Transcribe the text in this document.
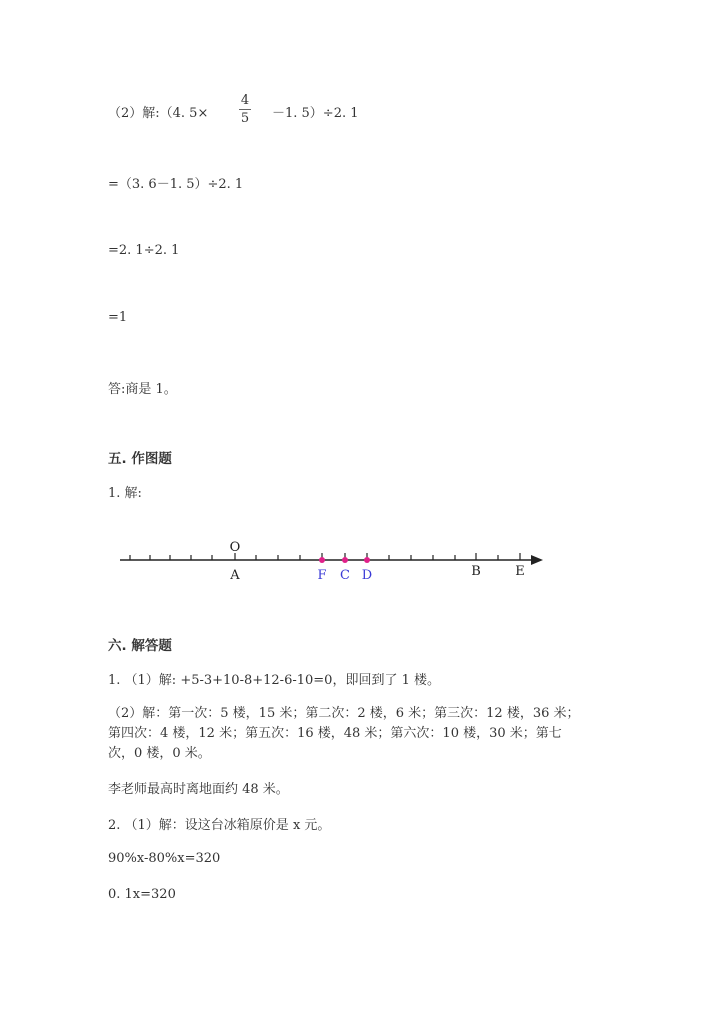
（2）解:（4. 5×
4
5 －1. 5）÷2. 1
=（3. 6－1. 5）÷2. 1
=2. 1÷2. 1
=1
答:商是 1。
五. 作图题
1. 解:
O
A	B	E
F C D
六. 解答题
1. （1）解: +5-3+10-8+12-6-10=0，即回到了 1 楼。
（2）解：第一次：5 楼，15 米；第二次：2 楼，6 米；第三次：12 楼，36 米；
第四次：4 楼，12 米；第五次：16 楼，48 米；第六次：10 楼，30 米；第七
次，0 楼，0 米。
李老师最高时离地面约 48 米。
2. （1）解：设这台冰箱原价是 x 元。
90%x-80%x=320
0. 1x=320
